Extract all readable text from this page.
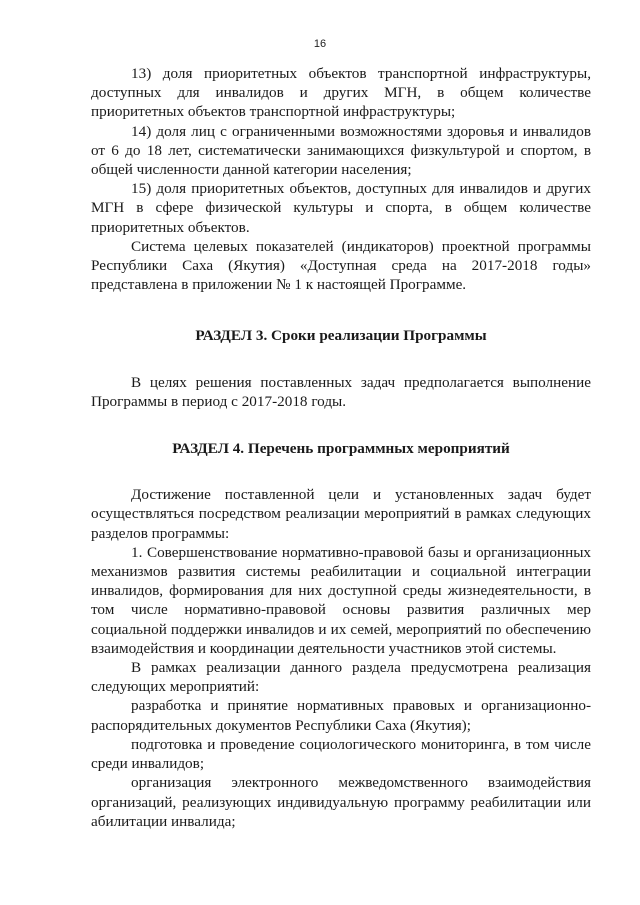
16

13) доля приоритетных объектов транспортной инфраструктуры, доступных для инвалидов и других МГН, в общем количестве приоритетных объектов транспортной инфраструктуры;

14) доля лиц с ограниченными возможностями здоровья и инвалидов от 6 до 18 лет, систематически занимающихся физкультурой и спортом, в общей численности данной категории населения;

15) доля приоритетных объектов, доступных для инвалидов и других МГН в сфере физической культуры и спорта, в общем количестве приоритетных объектов.

Система целевых показателей (индикаторов) проектной программы Республики Саха (Якутия) «Доступная среда на 2017-2018 годы» представлена в приложении № 1 к настоящей Программе.

РАЗДЕЛ 3. Сроки реализации Программы

В целях решения поставленных задач предполагается выполнение Программы в период с 2017-2018 годы.

РАЗДЕЛ 4. Перечень программных мероприятий

Достижение поставленной цели и установленных задач будет осуществляться посредством реализации мероприятий в рамках следующих разделов программы:

1. Совершенствование нормативно-правовой базы и организационных механизмов развития системы реабилитации и социальной интеграции инвалидов, формирования для них доступной среды жизнедеятельности, в том числе нормативно-правовой основы развития различных мер социальной поддержки инвалидов и их семей, мероприятий по обеспечению взаимодействия и координации деятельности участников этой системы.

В рамках реализации данного раздела предусмотрена реализация следующих мероприятий:

разработка и принятие нормативных правовых и организационно-распорядительных документов Республики Саха (Якутия);

подготовка и проведение социологического мониторинга, в том числе среди инвалидов;

организация электронного межведомственного взаимодействия организаций, реализующих индивидуальную программу реабилитации или абилитации инвалида;
